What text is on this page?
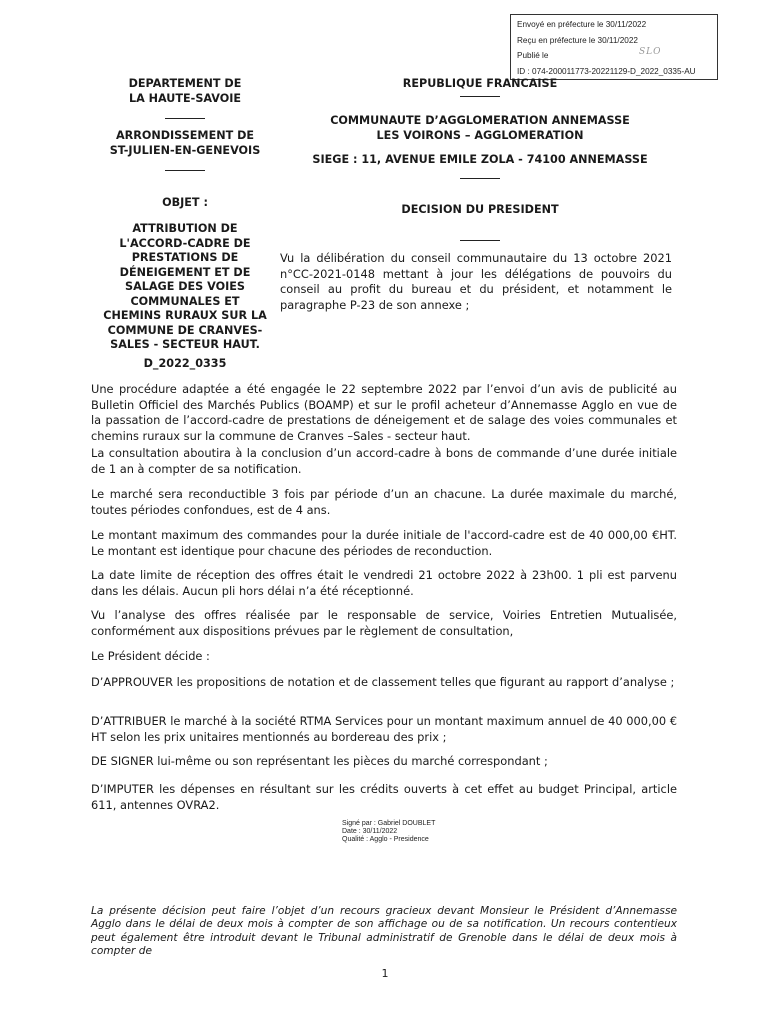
Envoyé en préfecture le 30/11/2022
Reçu en préfecture le 30/11/2022
Publié le	SLO
ID : 074-200011773-20221129-D_2022_0335-AU
DEPARTEMENT DE
LA HAUTE-SAVOIE
ARRONDISSEMENT DE
ST-JULIEN-EN-GENEVOIS
OBJET :
ATTRIBUTION DE
L'ACCORD-CADRE DE
PRESTATIONS DE
DÉNEIGEMENT ET DE
SALAGE DES VOIES
COMMUNALES ET
CHEMINS RURAUX SUR LA
COMMUNE DE CRANVES-
SALES - SECTEUR HAUT.
D_2022_0335
REPUBLIQUE FRANCAISE
COMMUNAUTE D’AGGLOMERATION ANNEMASSE
LES VOIRONS – AGGLOMERATION
SIEGE : 11, AVENUE EMILE ZOLA - 74100 ANNEMASSE
DECISION DU PRESIDENT
Vu la délibération du conseil communautaire du 13 octobre 2021 n°CC-2021-0148 mettant à jour les délégations de pouvoirs du conseil au profit du bureau et du président, et notamment le paragraphe P-23 de son annexe ;
Une procédure adaptée a été engagée le 22 septembre 2022 par l’envoi d’un avis de publicité au Bulletin Officiel des Marchés Publics (BOAMP) et sur le profil acheteur d’Annemasse Agglo en vue de la passation de l’accord-cadre de prestations de déneigement et de salage des voies communales et chemins ruraux sur la commune de Cranves –Sales - secteur haut.
La consultation aboutira à la conclusion d’un accord-cadre à bons de commande d’une durée initiale de 1 an à compter de sa notification.
Le marché sera reconductible 3 fois par période d’un an chacune. La durée maximale du marché, toutes périodes confondues, est de 4 ans.
Le montant maximum des commandes pour la durée initiale de l'accord-cadre est de 40 000,00 €HT. Le montant est identique pour chacune des périodes de reconduction.
La date limite de réception des offres était le vendredi 21 octobre 2022 à 23h00. 1 pli est parvenu dans les délais. Aucun pli hors délai n’a été réceptionné.
Vu l’analyse des offres réalisée par le responsable de service, Voiries Entretien Mutualisée, conformément aux dispositions prévues par le règlement de consultation,
Le Président décide :
D’APPROUVER les propositions de notation et de classement telles que figurant au rapport d’analyse ;
D’ATTRIBUER le marché à la société RTMA Services pour un montant maximum annuel de 40 000,00 € HT selon les prix unitaires mentionnés au bordereau des prix ;
DE SIGNER lui-même ou son représentant les pièces du marché correspondant ;
D’IMPUTER les dépenses en résultant sur les crédits ouverts à cet effet au budget Principal, article 611, antennes OVRA2.
Signé par : Gabriel DOUBLET
Date : 30/11/2022
Qualité : Agglo - Presidence
La présente décision peut faire l’objet d’un recours gracieux devant Monsieur le Président d’Annemasse Agglo dans le délai de deux mois à compter de son affichage ou de sa notification. Un recours contentieux peut également être introduit devant le Tribunal administratif de Grenoble dans le délai de deux mois à compter de
1
